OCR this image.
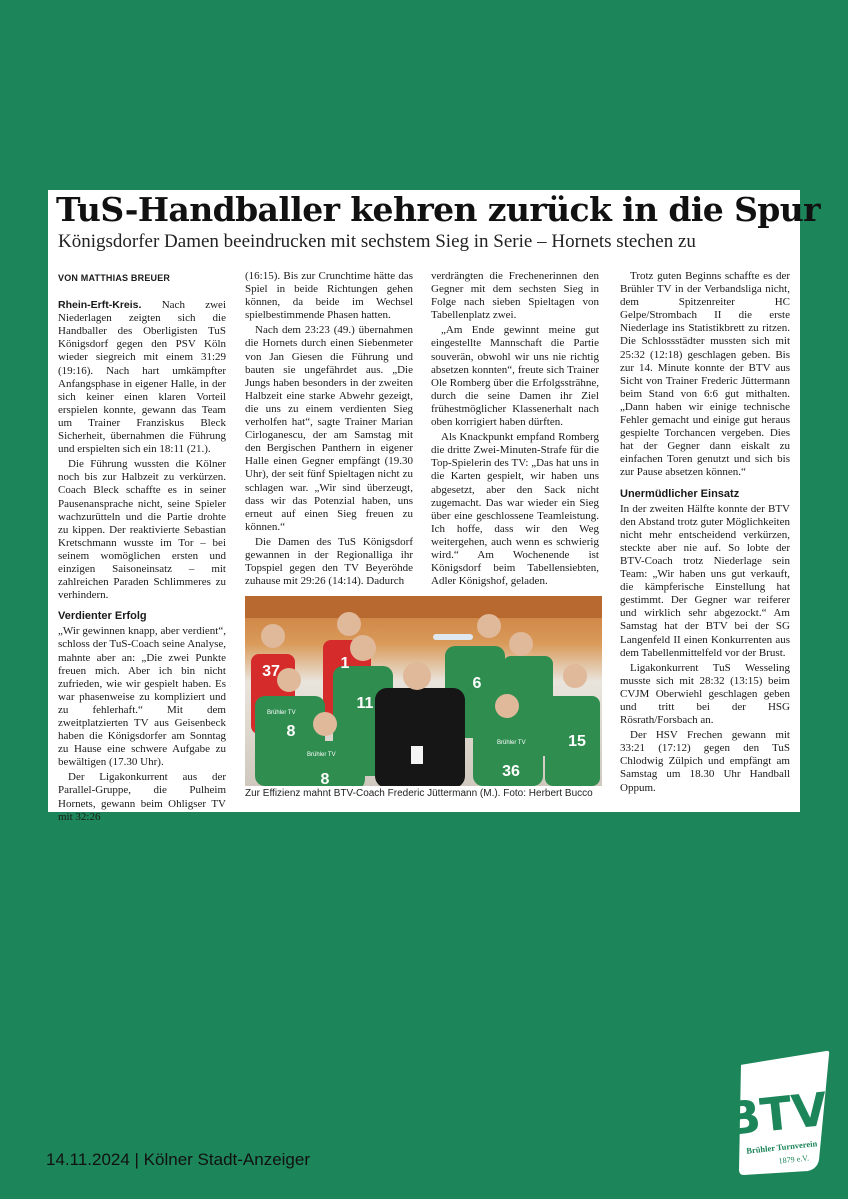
TuS-Handballer kehren zurück in die Spur
Königsdorfer Damen beeindrucken mit sechstem Sieg in Serie – Hornets stechen zu
VON MATTHIAS BREUER

Rhein-Erft-Kreis. Nach zwei Niederlagen zeigten sich die Handballer des Oberligisten TuS Königsdorf gegen den PSV Köln wieder siegreich mit einem 31:29 (19:16). Nach hart umkämpfter Anfangsphase in eigener Halle, in der sich keiner einen klaren Vorteil erspielen konnte, gewann das Team um Trainer Franziskus Bleck Sicherheit, übernahmen die Führung und erspielten sich ein 18:11 (21.).

Die Führung wussten die Kölner noch bis zur Halbzeit zu verkürzen. Coach Bleck schaffte es in seiner Pausenansprache nicht, seine Spieler wachzurütteln und die Partie drohte zu kippen. Der reaktivierte Sebastian Kretschmann wusste im Tor – bei seinem womöglichen ersten und einzigen Saisoneinsatz – mit zahlreichen Paraden Schlimmeres zu verhindern.

Verdienter Erfolg

„Wir gewinnen knapp, aber verdient“, schloss der TuS-Coach seine Analyse, mahnte aber an: „Die zwei Punkte freuen mich. Aber ich bin nicht zufrieden, wie wir gespielt haben. Es war phasenweise zu kompliziert und zu fehlerhaft.“ Mit dem zweitplatzierten TV aus Geisenbeck haben die Königsdorfer am Sonntag zu Hause eine schwere Aufgabe zu bewältigen (17.30 Uhr).

Der Ligakonkurrent aus der Parallel-Gruppe, die Pulheim Hornets, gewann beim Ohligser TV mit 32:26

(16:15). Bis zur Crunchtime hätte das Spiel in beide Richtungen gehen können, da beide im Wechsel spielbestimmende Phasen hatten.

Nach dem 23:23 (49.) übernahmen die Hornets durch einen Siebenmeter von Jan Giesen die Führung und bauten sie ungefährdet aus. „Die Jungs haben besonders in der zweiten Halbzeit eine starke Abwehr gezeigt, die uns zu einem verdienten Sieg verholfen hat“, sagte Trainer Marian Cirloganescu, der am Samstag mit den Bergischen Panthern in eigener Halle einen Gegner empfängt (19.30 Uhr), der seit fünf Spieltagen nicht zu schlagen war. „Wir sind überzeugt, dass wir das Potenzial haben, uns erneut auf einen Sieg freuen zu können.“

Die Damen des TuS Königsdorf gewannen in der Regionalliga ihr Topspiel gegen den TV Beyeröhde zuhause mit 29:26 (14:14). Dadurch

verdrängten die Frechenerinnen den Gegner mit dem sechsten Sieg in Folge nach sieben Spieltagen von Tabellenplatz zwei.

„Am Ende gewinnt meine gut eingestellte Mannschaft die Partie souverän, obwohl wir uns nie richtig absetzen konnten“, freute sich Trainer Ole Romberg über die Erfolgssträhne, durch die seine Damen ihr Ziel frühestmöglicher Klassenerhalt nach oben korrigiert haben dürften.

Als Knackpunkt empfand Romberg die dritte Zwei-Minuten-Strafe für die Top-Spielerin des TV: „Das hat uns in die Karten gespielt, wir haben uns abgesetzt, aber den Sack nicht zugemacht. Das war wieder ein Sieg über eine geschlossene Teamleistung. Ich hoffe, dass wir den Weg weitergehen, auch wenn es schwierig wird.“ Am Wochenende ist Königsdorf beim Tabellensiebten, Adler Königshof, geladen.

Trotz guten Beginns schaffte es der Brühler TV in der Verbandsliga nicht, dem Spitzenreiter HC Gelpe/Strombach II die erste Niederlage ins Statistikbrett zu ritzen. Die Schlossstädter mussten sich mit 25:32 (12:18) geschlagen geben. Bis zur 14. Minute konnte der BTV aus Sicht von Trainer Frederic Jüttermann beim Stand von 6:6 gut mithalten. „Dann haben wir einige technische Fehler gemacht und einige gut heraus gespielte Torchancen vergeben. Dies hat der Gegner dann eiskalt zu einfachen Toren genutzt und sich bis zur Pause absetzen können.“

Unermüdlicher Einsatz

In der zweiten Hälfte konnte der BTV den Abstand trotz guter Möglichkeiten nicht mehr entscheidend verkürzen, steckte aber nie auf. So lobte der BTV-Coach trotz Niederlage sein Team: „Wir haben uns gut verkauft, die kämpferische Einstellung hat gestimmt. Der Gegner war reiferer und wirklich sehr abgezockt.“ Am Samstag hat der BTV bei der SG Langenfeld II einen Konkurrenten aus dem Tabellenmittelfeld vor der Brust.

Ligakonkurrent TuS Wesseling musste sich mit 28:32 (13:15) beim CVJM Oberwiehl geschlagen geben und tritt bei der HSG Rösrath/Forsbach an.

Der HSV Frechen gewann mit 33:21 (17:12) gegen den TuS Chlodwig Zülpich und empfängt am Samstag um 18.30 Uhr Handball Oppum.

37	1
11
6
8
8	36
15
Brühler TV
Brühler TV
Brühler TV
Zur Effizienz mahnt BTV-Coach Frederic Jüttermann (M.). Foto: Herbert Bucco
14.11.2024 | Kölner Stadt-Anzeiger
BTV
Brühler Turnverein
1879 e.V.
